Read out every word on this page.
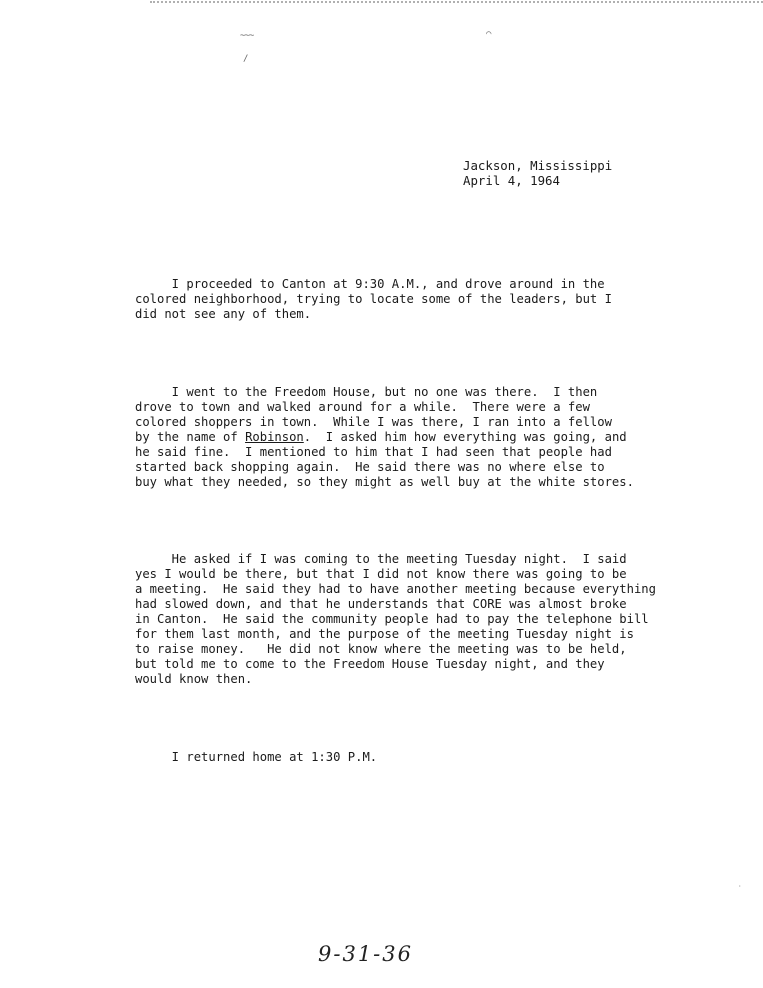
~~~
/
⌒
·
Jackson, Mississippi
April 4, 1964

I proceeded to Canton at 9:30 A.M., and drove around in the
colored neighborhood, trying to locate some of the leaders, but I
did not see any of them.

I went to the Freedom House, but no one was there.  I then
drove to town and walked around for a while.  There were a few
colored shoppers in town.  While I was there, I ran into a fellow
by the name of Robinson.  I asked him how everything was going, and
he said fine.  I mentioned to him that I had seen that people had
started back shopping again.  He said there was no where else to
buy what they needed, so they might as well buy at the white stores.

He asked if I was coming to the meeting Tuesday night.  I said
yes I would be there, but that I did not know there was going to be
a meeting.  He said they had to have another meeting because everything
had slowed down, and that he understands that CORE was almost broke
in Canton.  He said the community people had to pay the telephone bill
for them last month, and the purpose of the meeting Tuesday night is
to raise money.   He did not know where the meeting was to be held,
but told me to come to the Freedom House Tuesday night, and they
would know then.

I returned home at 1:30 P.M.

9-31-36
